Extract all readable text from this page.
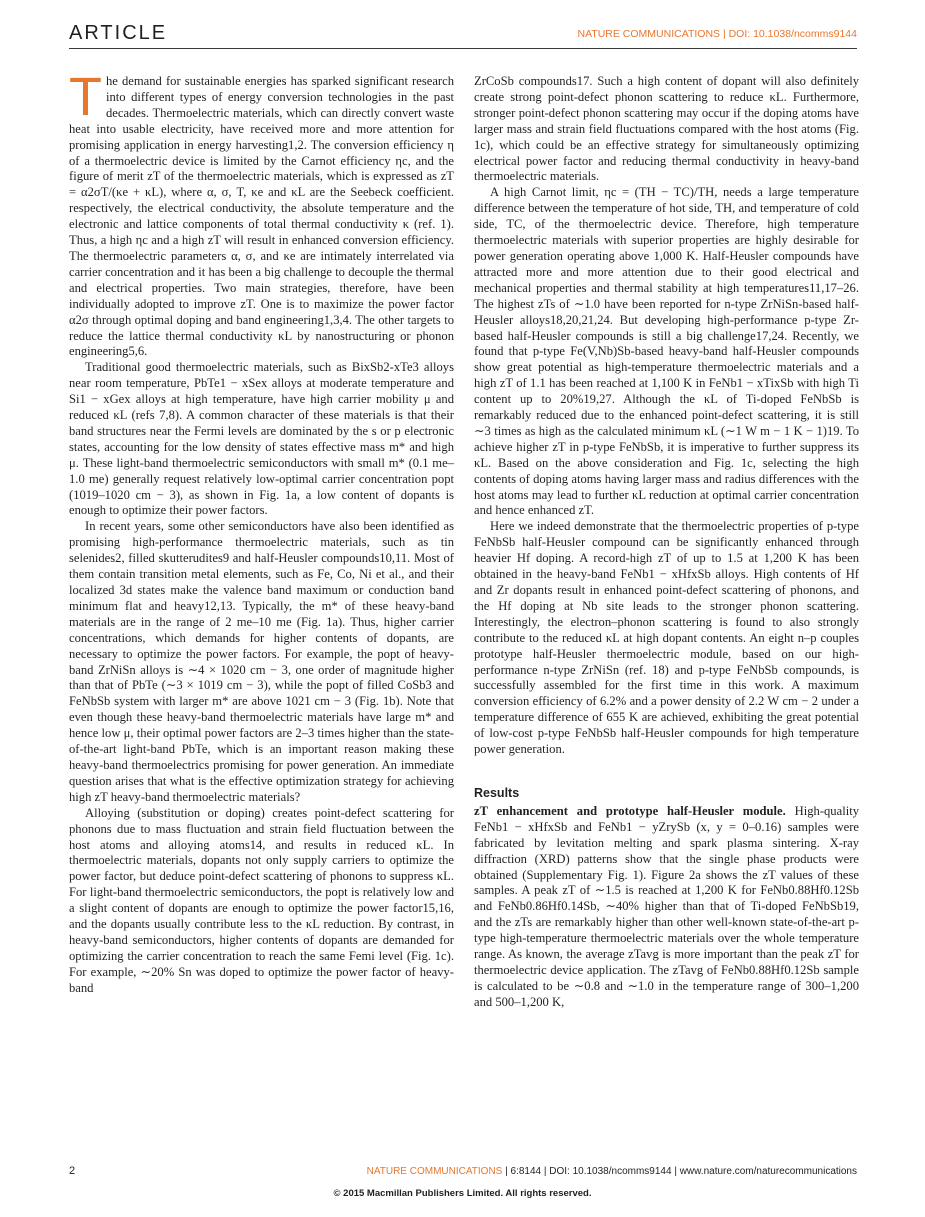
ARTICLE	NATURE COMMUNICATIONS | DOI: 10.1038/ncomms9144

The demand for sustainable energies has sparked significant research into different types of energy conversion technologies in the past decades. Thermoelectric materials, which can directly convert waste heat into usable electricity, have received more and more attention for promising application in energy harvesting1,2. The conversion efficiency η of a thermoelectric device is limited by the Carnot efficiency ηc, and the figure of merit zT of the thermoelectric materials, which is expressed as zT = α2σT/(κe + κL), where α, σ, T, κe and κL are the Seebeck coefficient. respectively, the electrical conductivity, the absolute temperature and the electronic and lattice components of total thermal conductivity κ (ref. 1). Thus, a high ηc and a high zT will result in enhanced conversion efficiency. The thermoelectric parameters α, σ, and κe are intimately interrelated via carrier concentration and it has been a big challenge to decouple the thermal and electrical properties. Two main strategies, therefore, have been individually adopted to improve zT. One is to maximize the power factor α2σ through optimal doping and band engineering1,3,4. The other targets to reduce the lattice thermal conductivity κL by nanostructuring or phonon engineering5,6.

Traditional good thermoelectric materials, such as BixSb2-xTe3 alloys near room temperature, PbTe1 − xSex alloys at moderate temperature and Si1 − xGex alloys at high temperature, have high carrier mobility μ and reduced κL (refs 7,8). A common character of these materials is that their band structures near the Fermi levels are dominated by the s or p electronic states, accounting for the low density of states effective mass m* and high μ. These light-band thermoelectric semiconductors with small m* (0.1 me–1.0 me) generally request relatively low-optimal carrier concentration popt (1019–1020 cm − 3), as shown in Fig. 1a, a low content of dopants is enough to optimize their power factors.

In recent years, some other semiconductors have also been identified as promising high-performance thermoelectric materials, such as tin selenides2, filled skutterudites9 and half-Heusler compounds10,11. Most of them contain transition metal elements, such as Fe, Co, Ni et al., and their localized 3d states make the valence band maximum or conduction band minimum flat and heavy12,13. Typically, the m* of these heavy-band materials are in the range of 2 me–10 me (Fig. 1a). Thus, higher carrier concentrations, which demands for higher contents of dopants, are necessary to optimize the power factors. For example, the popt of heavy-band ZrNiSn alloys is ∼4 × 1020 cm − 3, one order of magnitude higher than that of PbTe (∼3 × 1019 cm − 3), while the popt of filled CoSb3 and FeNbSb system with larger m* are above 1021 cm − 3 (Fig. 1b). Note that even though these heavy-band thermoelectric materials have large m* and hence low μ, their optimal power factors are 2–3 times higher than the state-of-the-art light-band PbTe, which is an important reason making these heavy-band thermoelectrics promising for power generation. An immediate question arises that what is the effective optimization strategy for achieving high zT heavy-band thermoelectric materials?

Alloying (substitution or doping) creates point-defect scattering for phonons due to mass fluctuation and strain field fluctuation between the host atoms and alloying atoms14, and results in reduced κL. In thermoelectric materials, dopants not only supply carriers to optimize the power factor, but deduce point-defect scattering of phonons to suppress κL. For light-band thermoelectric semiconductors, the popt is relatively low and a slight content of dopants are enough to optimize the power factor15,16, and the dopants usually contribute less to the κL reduction. By contrast, in heavy-band semiconductors, higher contents of dopants are demanded for optimizing the carrier concentration to reach the same Femi level (Fig. 1c). For example, ∼20% Sn was doped to optimize the power factor of heavy-band

ZrCoSb compounds17. Such a high content of dopant will also definitely create strong point-defect phonon scattering to reduce κL. Furthermore, stronger point-defect phonon scattering may occur if the doping atoms have larger mass and strain field fluctuations compared with the host atoms (Fig. 1c), which could be an effective strategy for simultaneously optimizing electrical power factor and reducing thermal conductivity in heavy-band thermoelectric materials.

A high Carnot limit, ηc = (TH − TC)/TH, needs a large temperature difference between the temperature of hot side, TH, and temperature of cold side, TC, of the thermoelectric device. Therefore, high temperature thermoelectric materials with superior properties are highly desirable for power generation operating above 1,000 K. Half-Heusler compounds have attracted more and more attention due to their good electrical and mechanical properties and thermal stability at high temperatures11,17–26. The highest zTs of ∼1.0 have been reported for n-type ZrNiSn-based half-Heusler alloys18,20,21,24. But developing high-performance p-type Zr-based half-Heusler compounds is still a big challenge17,24. Recently, we found that p-type Fe(V,Nb)Sb-based heavy-band half-Heusler compounds show great potential as high-temperature thermoelectric materials and a high zT of 1.1 has been reached at 1,100 K in FeNb1 − xTixSb with high Ti content up to 20%19,27. Although the κL of Ti-doped FeNbSb is remarkably reduced due to the enhanced point-defect scattering, it is still ∼3 times as high as the calculated minimum κL (∼1 W m − 1 K − 1)19. To achieve higher zT in p-type FeNbSb, it is imperative to further suppress its κL. Based on the above consideration and Fig. 1c, selecting the high contents of doping atoms having larger mass and radius differences with the host atoms may lead to further κL reduction at optimal carrier concentration and hence enhanced zT.

Here we indeed demonstrate that the thermoelectric properties of p-type FeNbSb half-Heusler compound can be significantly enhanced through heavier Hf doping. A record-high zT of up to 1.5 at 1,200 K has been obtained in the heavy-band FeNb1 − xHfxSb alloys. High contents of Hf and Zr dopants result in enhanced point-defect scattering of phonons, and the Hf doping at Nb site leads to the stronger phonon scattering. Interestingly, the electron–phonon scattering is found to also strongly contribute to the reduced κL at high dopant contents. An eight n–p couples prototype half-Heusler thermoelectric module, based on our high-performance n-type ZrNiSn (ref. 18) and p-type FeNbSb compounds, is successfully assembled for the first time in this work. A maximum conversion efficiency of 6.2% and a power density of 2.2 W cm − 2 under a temperature difference of 655 K are achieved, exhibiting the great potential of low-cost p-type FeNbSb half-Heusler compounds for high temperature power generation.

Results

zT enhancement and prototype half-Heusler module. High-quality FeNb1 − xHfxSb and FeNb1 − yZrySb (x, y = 0–0.16) samples were fabricated by levitation melting and spark plasma sintering. X-ray diffraction (XRD) patterns show that the single phase products were obtained (Supplementary Fig. 1). Figure 2a shows the zT values of these samples. A peak zT of ∼1.5 is reached at 1,200 K for FeNb0.88Hf0.12Sb and FeNb0.86Hf0.14Sb, ∼40% higher than that of Ti-doped FeNbSb19, and the zTs are remarkably higher than other well-known state-of-the-art p-type high-temperature thermoelectric materials over the whole temperature range. As known, the average zTavg is more important than the peak zT for thermoelectric device application. The zTavg of FeNb0.88Hf0.12Sb sample is calculated to be ∼0.8 and ∼1.0 in the temperature range of 300–1,200 and 500–1,200 K,

2	NATURE COMMUNICATIONS | 6:8144 | DOI: 10.1038/ncomms9144 | www.nature.com/naturecommunications
© 2015 Macmillan Publishers Limited. All rights reserved.
